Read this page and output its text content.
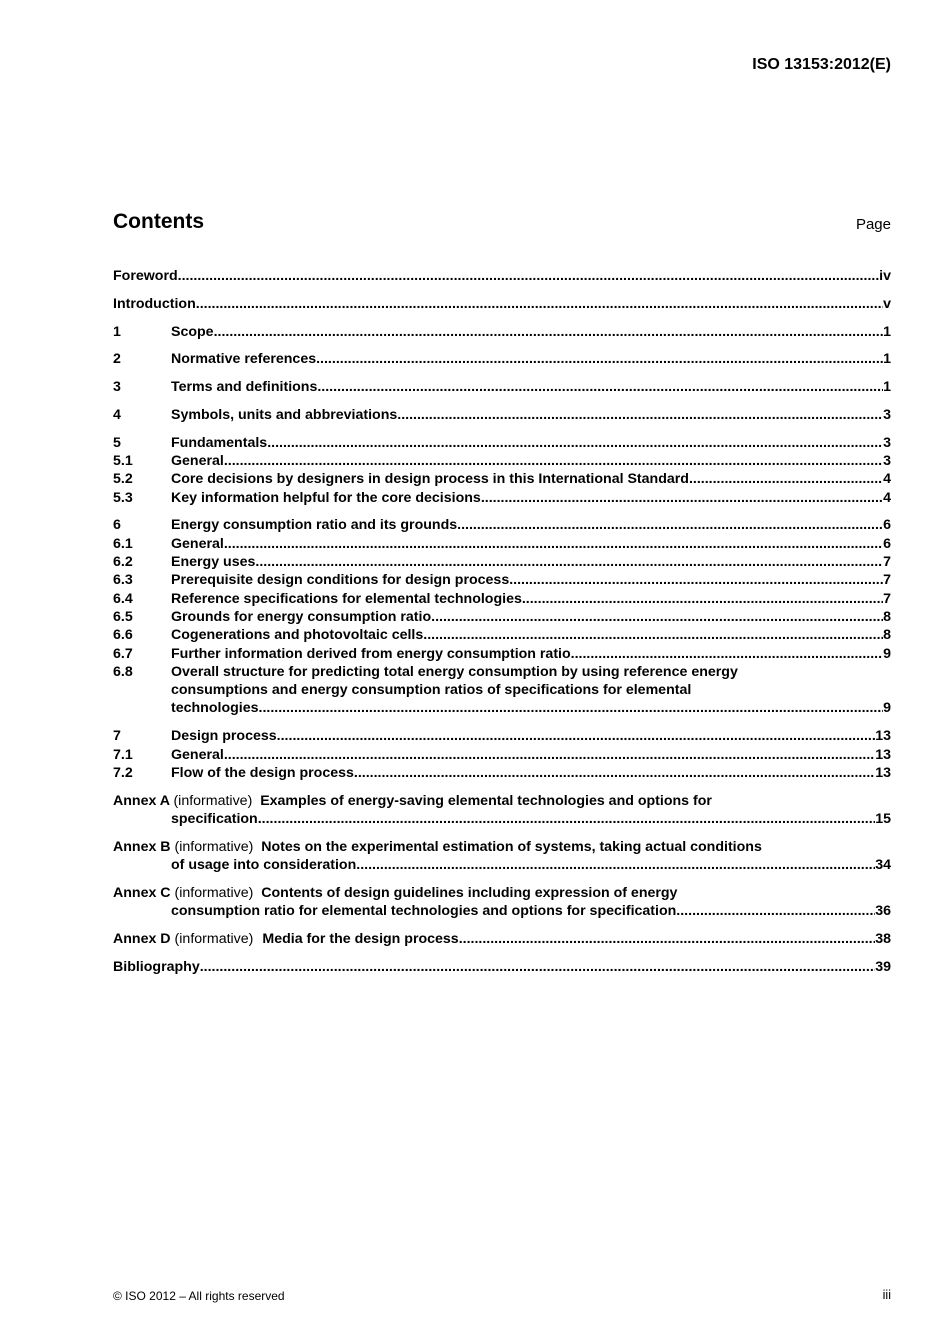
ISO 13153:2012(E)
Contents	Page
Foreword .....	iv
Introduction .....	v
1	Scope .....	1
2	Normative references .....	1
3	Terms and definitions .....	1
4	Symbols, units and abbreviations .....	3
5	Fundamentals .....	3
5.1	General .....	3
5.2	Core decisions by designers in design process in this International Standard .....	4
5.3	Key information helpful for the core decisions .....	4
6	Energy consumption ratio and its grounds .....	6
6.1	General .....	6
6.2	Energy uses .....	7
6.3	Prerequisite design conditions for design process .....	7
6.4	Reference specifications for elemental technologies .....	7
6.5	Grounds for energy consumption ratio .....	8
6.6	Cogenerations and photovoltaic cells .....	8
6.7	Further information derived from energy consumption ratio .....	9
6.8	Overall structure for predicting total energy consumption by using reference energy
consumptions and energy consumption ratios of specifications for elemental
technologies .....	9
7	Design process .....	13
7.1	General .....	13
7.2	Flow of the design process .....	13
Annex A (informative) Examples of energy-saving elemental technologies and options for
specification .....	15
Annex B (informative) Notes on the experimental estimation of systems, taking actual conditions
of usage into consideration .....	34
Annex C (informative) Contents of design guidelines including expression of energy
consumption ratio for elemental technologies and options for specification .....	36
Annex D (informative) Media for the design process .....	38
Bibliography .....	39
© ISO 2012 – All rights reserved	iii
